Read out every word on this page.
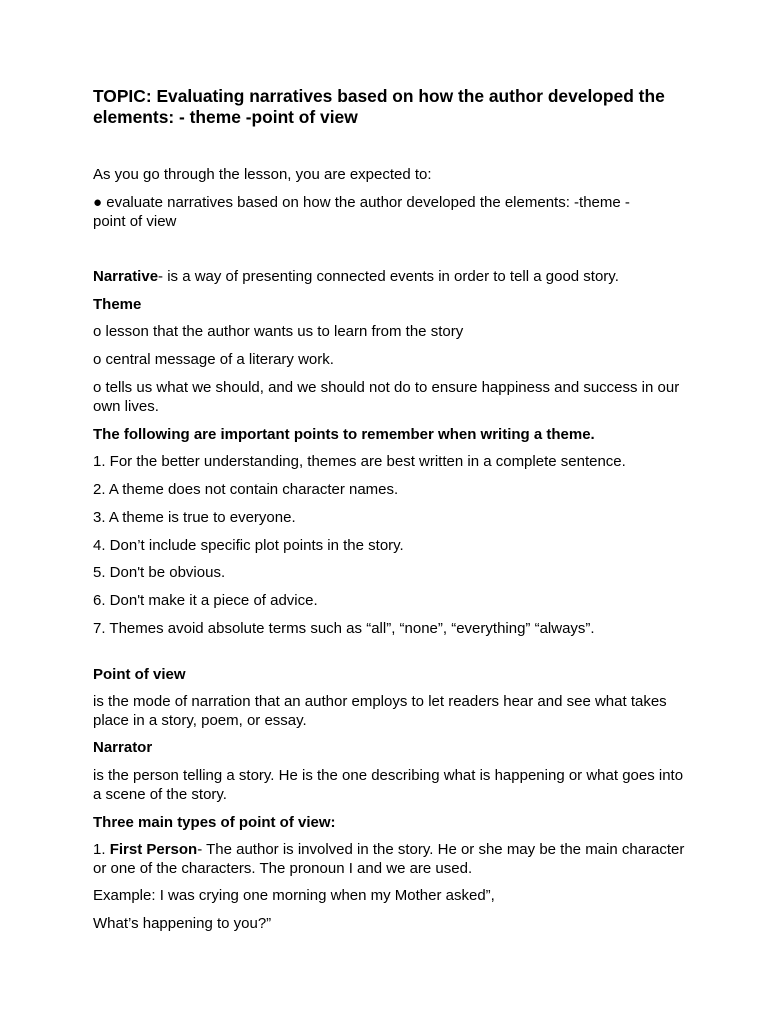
TOPIC: Evaluating narratives based on how the author developed the elements: - theme -point of view

As you go through the lesson, you are expected to:

● evaluate narratives based on how the author developed the elements: -theme - point of view

Narrative- is a way of presenting connected events in order to tell a good story.

Theme

o lesson that the author wants us to learn from the story

o central message of a literary work.

o tells us what we should, and we should not do to ensure happiness and success in our own lives.

The following are important points to remember when writing a theme.

1. For the better understanding, themes are best written in a complete sentence.

2. A theme does not contain character names.

3. A theme is true to everyone.

4. Don’t include specific plot points in the story.

5. Don't be obvious.

6. Don't make it a piece of advice.

7. Themes avoid absolute terms such as “all”, “none”, “everything” “always”.

Point of view

is the mode of narration that an author employs to let readers hear and see what takes place in a story, poem, or essay.

Narrator

is the person telling a story. He is the one describing what is happening or what goes into a scene of the story.

Three main types of point of view:

1. First Person- The author is involved in the story. He or she may be the main character or one of the characters. The pronoun I and we are used.

Example: I was crying one morning when my Mother asked”,

What’s happening to you?”
